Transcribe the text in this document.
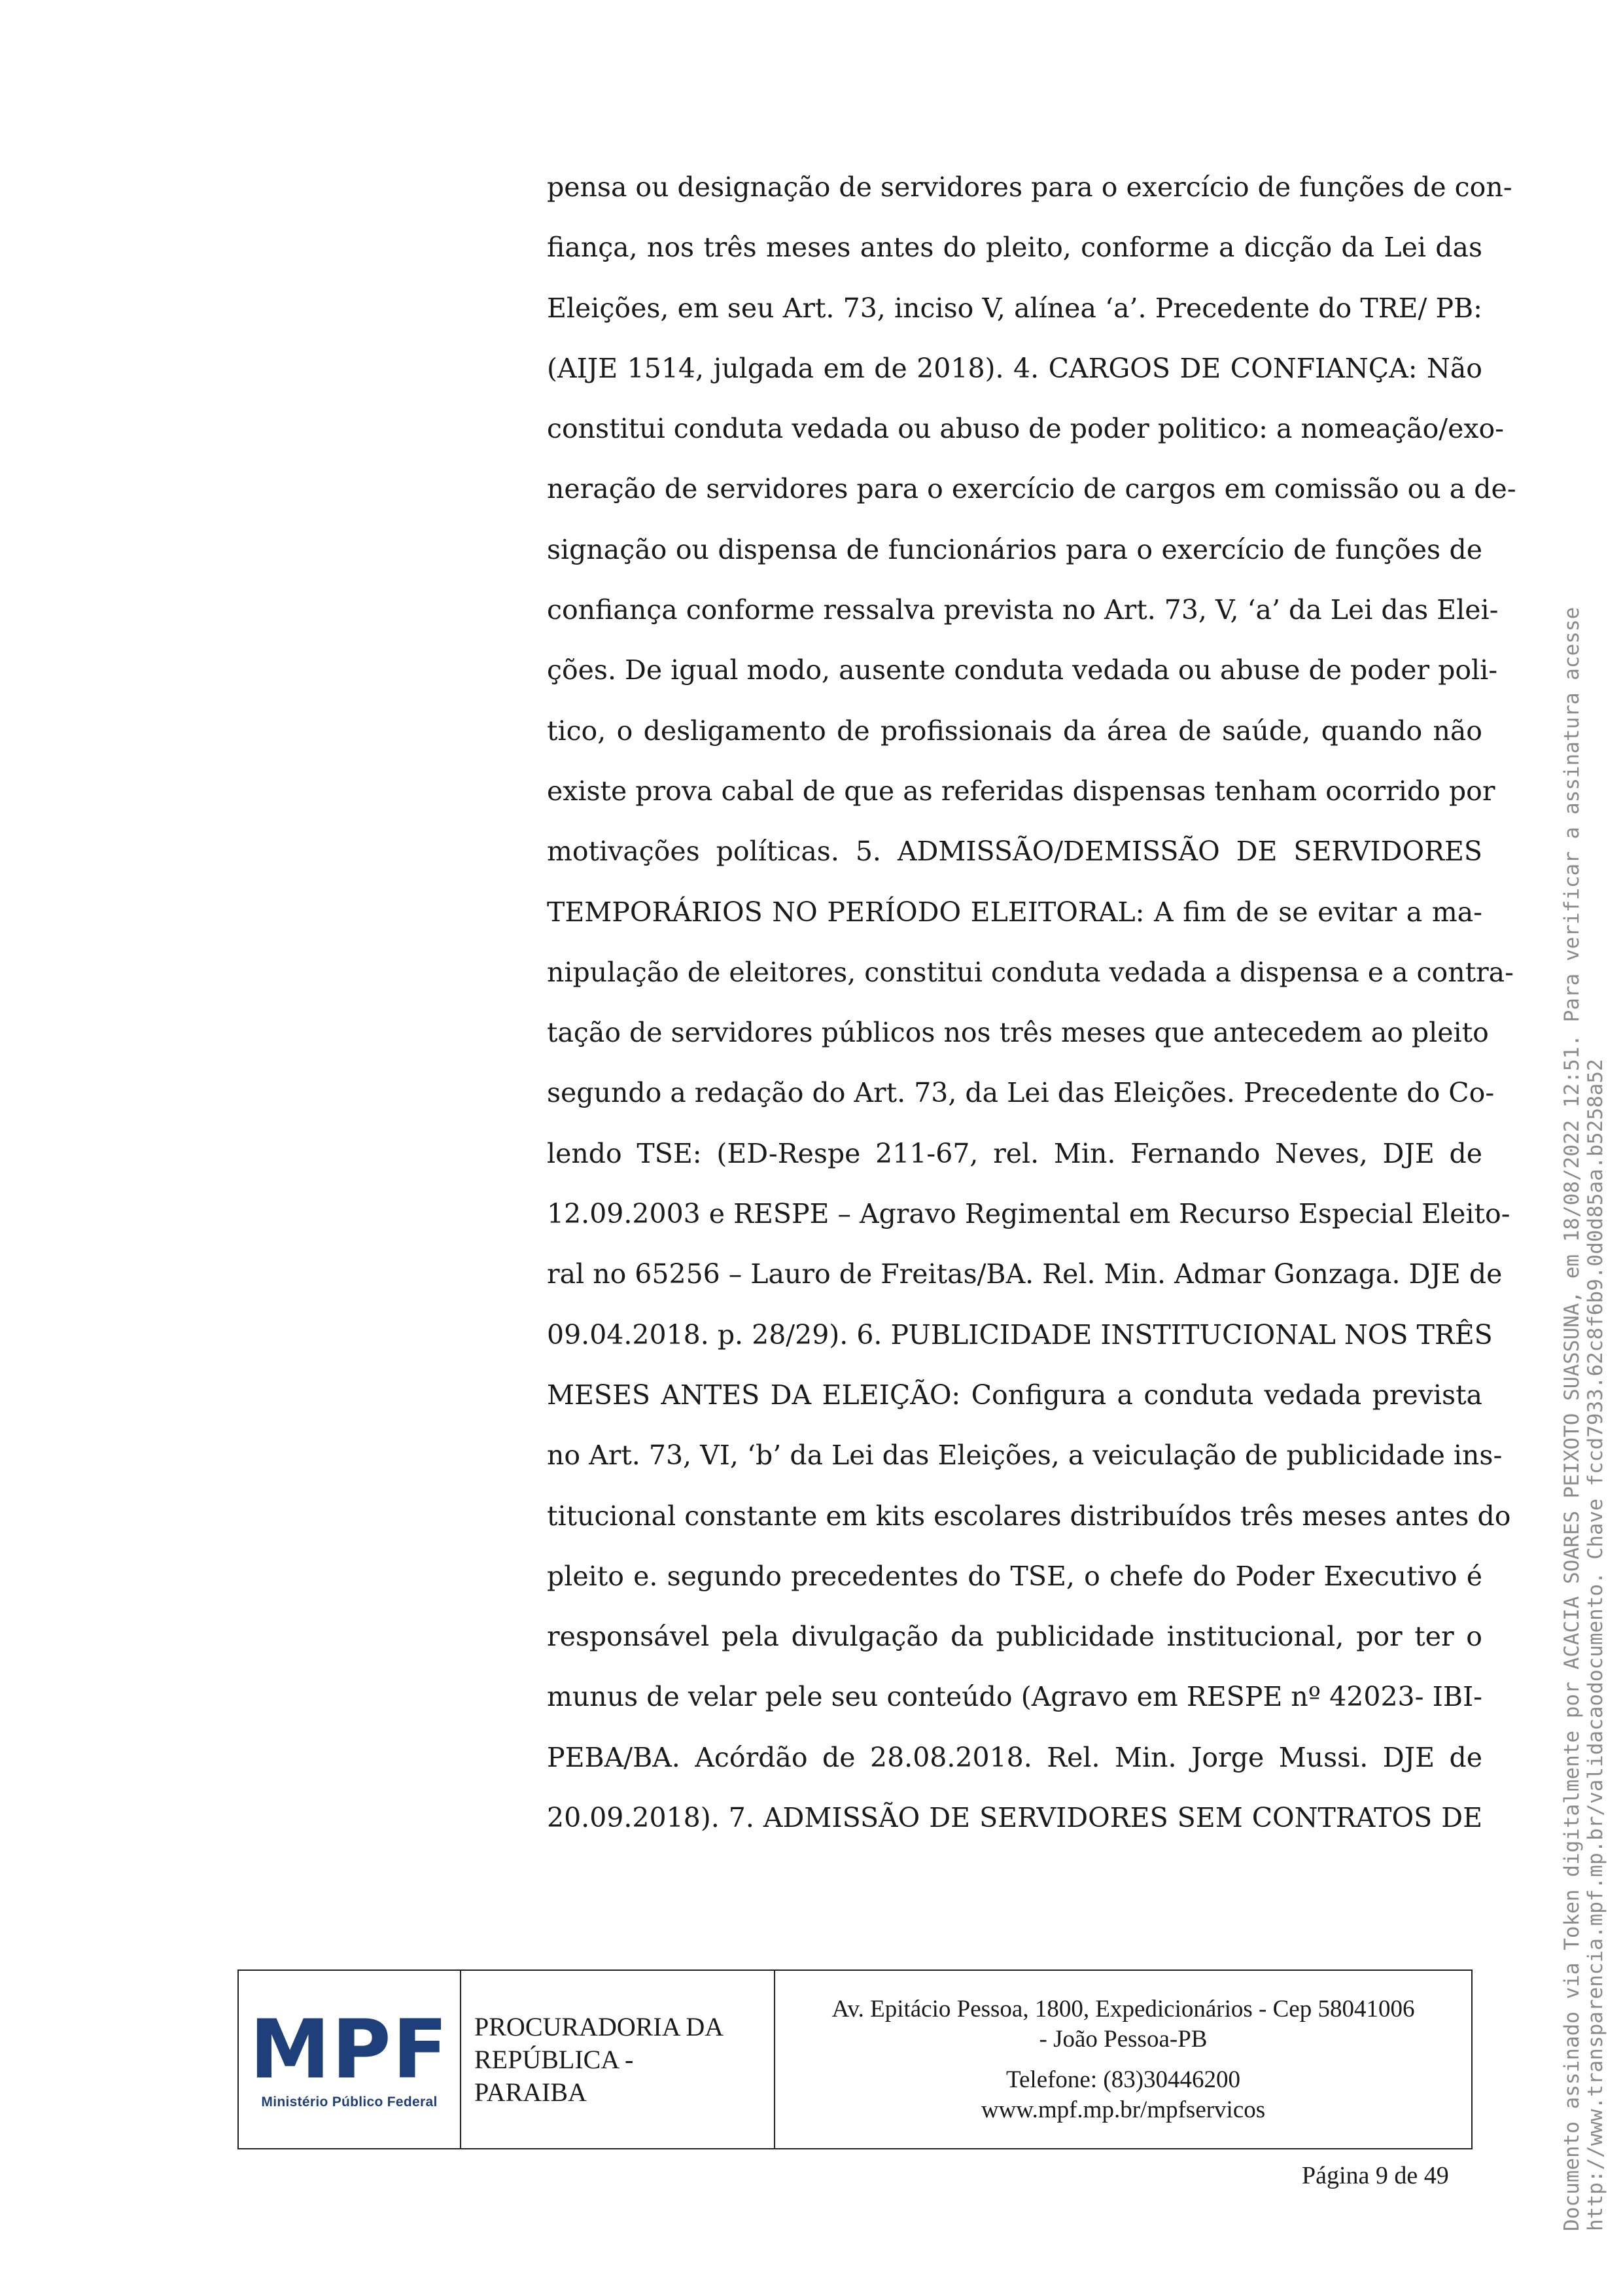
pensa ou designação de servidores para o exercício de funções de con-
fiança, nos três meses antes do pleito, conforme a dicção da Lei das
Eleições, em seu Art. 73, inciso V, alínea ‘a’. Precedente do TRE/ PB:
(AIJE 1514, julgada em de 2018). 4. CARGOS DE CONFIANÇA: Não
constitui conduta vedada ou abuso de poder politico: a nomeação/exo-
neração de servidores para o exercício de cargos em comissão ou a de-
signação ou dispensa de funcionários para o exercício de funções de
confiança conforme ressalva prevista no Art. 73, V, ‘a’ da Lei das Elei-
ções. De igual modo, ausente conduta vedada ou abuse de poder poli-
tico, o desligamento de profissionais da área de saúde, quando não
existe prova cabal de que as referidas dispensas tenham ocorrido por
motivações políticas. 5. ADMISSÃO/DEMISSÃO DE SERVIDORES
TEMPORÁRIOS NO PERÍODO ELEITORAL: A fim de se evitar a ma-
nipulação de eleitores, constitui conduta vedada a dispensa e a contra-
tação de servidores públicos nos três meses que antecedem ao pleito
segundo a redação do Art. 73, da Lei das Eleições. Precedente do Co-
lendo TSE: (ED-Respe 211-67, rel. Min. Fernando Neves, DJE de
12.09.2003 e RESPE – Agravo Regimental em Recurso Especial Eleito-
ral no 65256 – Lauro de Freitas/BA. Rel. Min. Admar Gonzaga. DJE de
09.04.2018. p. 28/29). 6. PUBLICIDADE INSTITUCIONAL NOS TRÊS
MESES ANTES DA ELEIÇÃO: Configura a conduta vedada prevista
no Art. 73, VI, ‘b’ da Lei das Eleições, a veiculação de publicidade ins-
titucional constante em kits escolares distribuídos três meses antes do
pleito e. segundo precedentes do TSE, o chefe do Poder Executivo é
responsável pela divulgação da publicidade institucional, por ter o
munus de velar pele seu conteúdo (Agravo em RESPE nº 42023- IBI-
PEBA/BA. Acórdão de 28.08.2018. Rel. Min. Jorge Mussi. DJE de
20.09.2018). 7. ADMISSÃO DE SERVIDORES SEM CONTRATOS DE
MPF
Ministério Público Federal
PROCURADORIA DA
REPÚBLICA -
PARAIBA
Av. Epitácio Pessoa, 1800, Expedicionários - Cep 58041006
- João Pessoa-PB
Telefone: (83)30446200
www.mpf.mp.br/mpfservicos
Página 9 de 49	Documento assinado via Token digitalmente por ACACIA SOARES PEIXOTO SUASSUNA, em 18/08/2022 12:51. Para verificar a assinatura acesse http://www.transparencia.mpf.mp.br/validacaodocumento. Chave fccd7933.62c8f6b9.0d0d85aa.b5258a52
